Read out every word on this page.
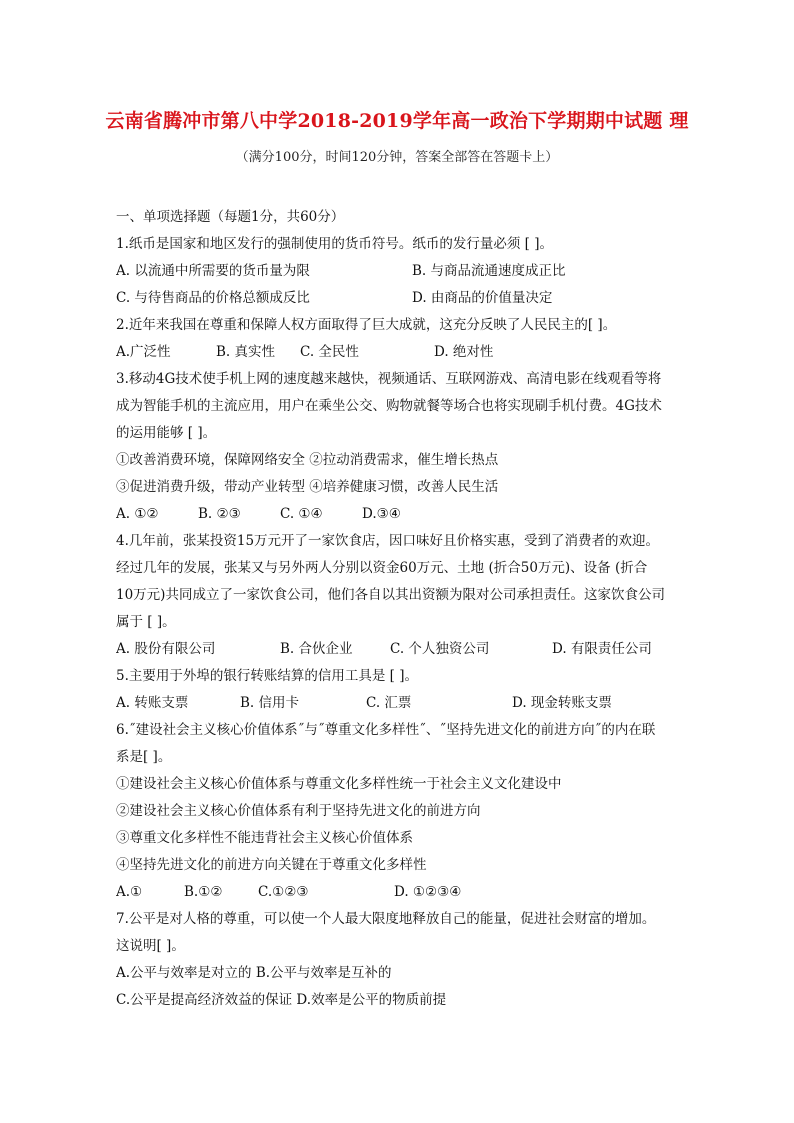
云南省腾冲市第八中学2018-2019学年高一政治下学期期中试题 理
（满分100分，时间120分钟，答案全部答在答题卡上）
一、单项选择题（每题1分，共60分）
1.纸币是国家和地区发行的强制使用的货币符号。纸币的发行量必须 [ ]。
A. 以流通中所需要的货币量为限	B. 与商品流通速度成正比
C. 与待售商品的价格总额成反比	D. 由商品的价值量决定
2.近年来我国在尊重和保障人权方面取得了巨大成就，这充分反映了人民民主的[ ]。
A.广泛性	B. 真实性	C. 全民性	D. 绝对性
3.移动4G技术使手机上网的速度越来越快，视频通话、互联网游戏、高清电影在线观看等将
成为智能手机的主流应用，用户在乘坐公交、购物就餐等场合也将实现刷手机付费。4G技术
的运用能够 [ ]。
①改善消费环境，保障网络安全 ②拉动消费需求，催生增长热点
③促进消费升级，带动产业转型 ④培养健康习惯，改善人民生活
A. ①②	B. ②③	C. ①④	D.③④
4.几年前，张某投资15万元开了一家饮食店，因口味好且价格实惠，受到了消费者的欢迎。
经过几年的发展，张某又与另外两人分别以资金60万元、土地 (折合50万元)、设备 (折合
10万元)共同成立了一家饮食公司，他们各自以其出资额为限对公司承担责任。这家饮食公司
属于 [ ]。
A. 股份有限公司	B. 合伙企业	C. 个人独资公司	D. 有限责任公司
5.主要用于外埠的银行转账结算的信用工具是 [ ]。
A. 转账支票	B. 信用卡	C. 汇票	D. 现金转账支票
6.˝建设社会主义核心价值体系˝与˝尊重文化多样性˝、˝坚持先进文化的前进方向˝的内在联
系是[ ]。
①建设社会主义核心价值体系与尊重文化多样性统一于社会主义文化建设中
②建设社会主义核心价值体系有利于坚持先进文化的前进方向
③尊重文化多样性不能违背社会主义核心价值体系
④坚持先进文化的前进方向关键在于尊重文化多样性
A.①	B.①②	C.①②③	D. ①②③④
7.公平是对人格的尊重，可以使一个人最大限度地释放自己的能量，促进社会财富的增加。
这说明[ ]。
A.公平与效率是对立的 B.公平与效率是互补的
C.公平是提高经济效益的保证 D.效率是公平的物质前提
